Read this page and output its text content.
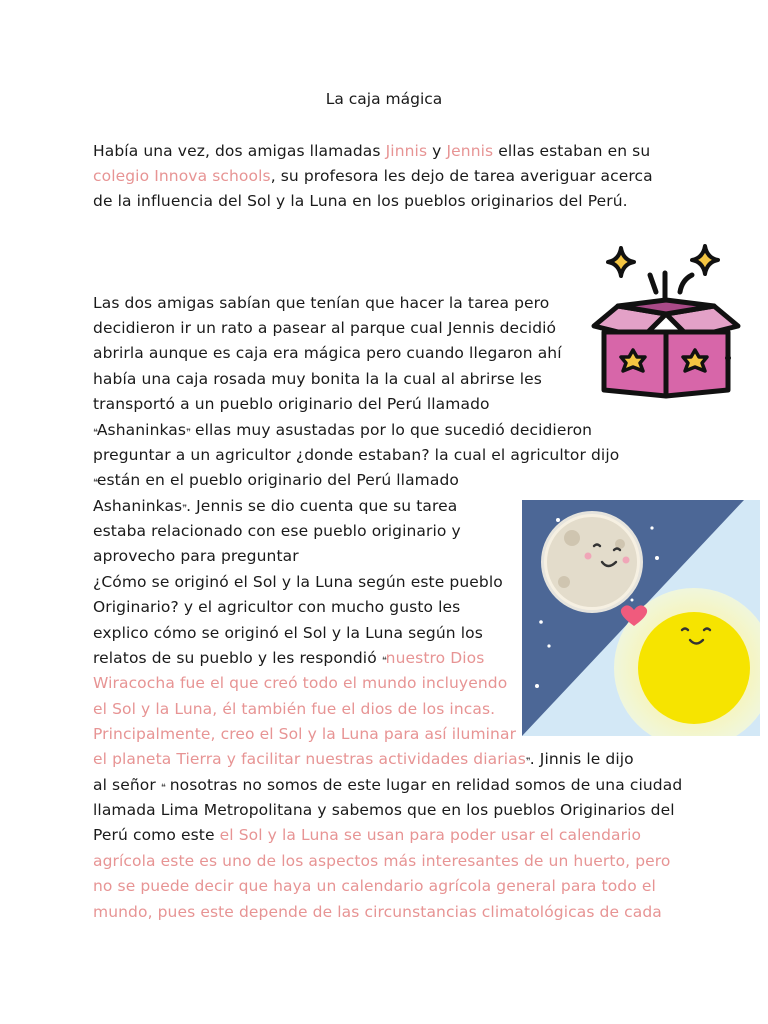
La caja mágica
Había una vez, dos amigas llamadas Jinnis y Jennis ellas estaban en su
colegio Innova schools, su profesora les dejo de tarea averiguar acerca
de la influencia del Sol y la Luna en los pueblos originarios del Perú.
Las dos amigas sabían que tenían que hacer la tarea pero
decidieron ir un rato a pasear al parque cual Jennis decidió
abrirla aunque es caja era mágica pero cuando llegaron ahí
había una caja rosada muy bonita la la cual al abrirse les
transportó a un pueblo originario del Perú llamado
❝Ashaninkas❞ ellas muy asustadas por lo que sucedió decidieron
preguntar a un agricultor ¿donde estaban? la cual el agricultor dijo
❝están en el pueblo originario del Perú llamado
Ashaninkas❞. Jennis se dio cuenta que su tarea
estaba relacionado con ese pueblo originario y
aprovecho para preguntar
¿Cómo se originó el Sol y la Luna según este pueblo
Originario? y el agricultor con mucho gusto les
explico cómo se originó el Sol y la Luna según los
relatos de su pueblo y les respondió ❝nuestro Dios
Wiracocha fue el que creó todo el mundo incluyendo
el Sol y la Luna, él también fue el dios de los incas.
Principalmente, creo el Sol y la Luna para así iluminar
el planeta Tierra y facilitar nuestras actividades diarias❞. Jinnis le dijo
al señor ❝ nosotras no somos de este lugar en relidad somos de una ciudad
llamada Lima Metropolitana y sabemos que en los pueblos Originarios del
Perú como este el Sol y la Luna se usan para poder usar el calendario
agrícola este es uno de los aspectos más interesantes de un huerto, pero
no se puede decir que haya un calendario agrícola general para todo el
mundo, pues este depende de las circunstancias climatológicas de cada
